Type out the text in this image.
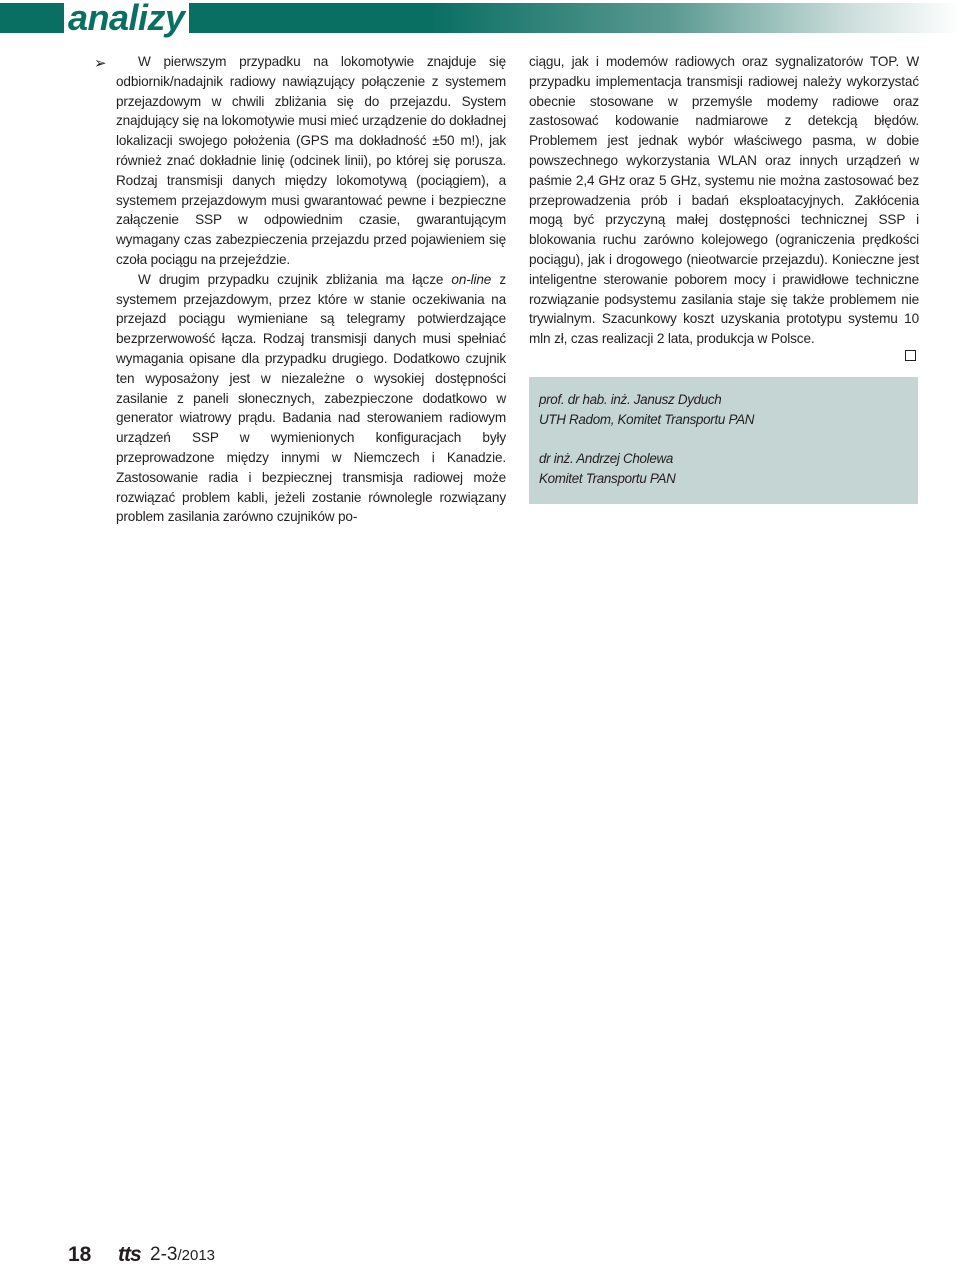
analizy
➢	W pierwszym przypadku na lokomotywie znajduje się odbiornik/nadajnik radiowy nawiązujący połączenie z systemem przejazdowym w chwili zbliżania się do przejazdu. System znajdujący się na lokomotywie musi mieć urządzenie do dokładnej lokalizacji swojego położenia (GPS ma dokładność ±50 m!), jak również znać dokładnie linię (odcinek linii), po której się porusza. Rodzaj transmisji danych między lokomotywą (pociągiem), a systemem przejazdowym musi gwarantować pewne i bezpieczne załączenie SSP w odpowiednim czasie, gwarantującym wymagany czas zabezpieczenia przejazdu przed pojawieniem się czoła pociągu na przejeździe.

W drugim przypadku czujnik zbliżania ma łącze on-line z systemem przejazdowym, przez które w stanie oczekiwania na przejazd pociągu wymieniane są telegramy potwierdzające bezprzerwowość łącza. Rodzaj transmisji danych musi spełniać wymagania opisane dla przypadku drugiego. Dodatkowo czujnik ten wyposażony jest w niezależne o wysokiej dostępności zasilanie z paneli słonecznych, zabezpieczone dodatkowo w generator wiatrowy prądu. Badania nad sterowaniem radiowym urządzeń SSP w wymienionych konfiguracjach były przeprowadzone między innymi w Niemczech i Kanadzie. Zastosowanie radia i bezpiecznej transmisja radiowej może rozwiązać problem kabli, jeżeli zostanie równolegle rozwiązany problem zasilania zarówno czujników po-

ciągu, jak i modemów radiowych oraz sygnalizatorów TOP. W przypadku implementacja transmisji radiowej należy wykorzystać obecnie stosowane w przemyśle modemy radiowe oraz zastosować kodowanie nadmiarowe z detekcją błędów. Problemem jest jednak wybór właściwego pasma, w dobie powszechnego wykorzystania WLAN oraz innych urządzeń w paśmie 2,4 GHz oraz 5 GHz, systemu nie można zastosować bez przeprowadzenia prób i badań eksploatacyjnych. Zakłócenia mogą być przyczyną małej dostępności technicznej SSP i blokowania ruchu zarówno kolejowego (ograniczenia prędkości pociągu), jak i drogowego (nieotwarcie przejazdu). Konieczne jest inteligentne sterowanie poborem mocy i prawidłowe techniczne rozwiązanie podsystemu zasilania staje się także problemem nie trywialnym. Szacunkowy koszt uzyskania prototypu systemu 10 mln zł, czas realizacji 2 lata, produkcja w Polsce.

prof. dr hab. inż. Janusz Dyduch
UTH Radom, Komitet Transportu PAN
dr inż. Andrzej Cholewa
Komitet Transportu PAN
18 tts 2-3/2013
